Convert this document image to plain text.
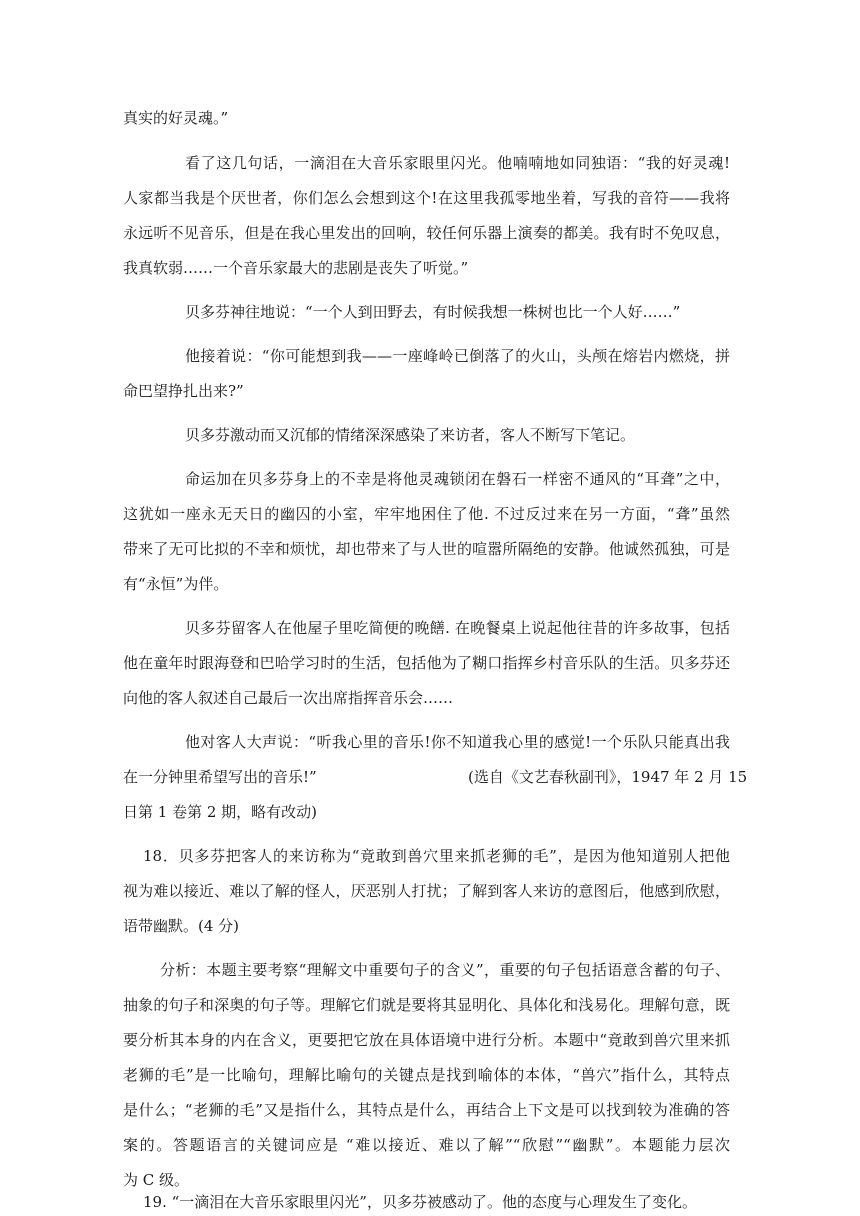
真实的好灵魂。”
看了这几句话，一滴泪在大音乐家眼里闪光。他喃喃地如同独语：“我的好灵魂!
人家都当我是个厌世者，你们怎么会想到这个!在这里我孤零地坐着，写我的音符——我将
永远听不见音乐，但是在我心里发出的回响，较任何乐器上演奏的都美。我有时不免叹息，
我真软弱……一个音乐家最大的悲剧是丧失了听觉。”
贝多芬神往地说：“一个人到田野去，有时候我想一株树也比一个人好……”
他接着说：“你可能想到我——一座峰岭已倒落了的火山，头颅在熔岩内燃烧，拼
命巴望挣扎出来?”
贝多芬激动而又沉郁的情绪深深感染了来访者，客人不断写下笔记。
命运加在贝多芬身上的不幸是将他灵魂锁闭在磐石一样密不通风的“耳聋”之中，
这犹如一座永无天日的幽囚的小室，牢牢地困住了他. 不过反过来在另一方面，“聋”虽然
带来了无可比拟的不幸和烦忧，却也带来了与人世的喧嚣所隔绝的安静。他诚然孤独，可是
有“永恒”为伴。
贝多芬留客人在他屋子里吃简便的晚饍. 在晚餐桌上说起他往昔的许多故事，包括
他在童年时跟海登和巴哈学习时的生活，包括他为了糊口指挥乡村音乐队的生活。贝多芬还
向他的客人叙述自己最后一次出席指挥音乐会……
他对客人大声说：“听我心里的音乐!你不知道我心里的感觉!一个乐队只能真出我
在一分钟里希望写出的音乐!”	(选自《文艺春秋副刊》，1947 年 2 月 15
日第 1 卷第 2 期，略有改动)
18．贝多芬把客人的来访称为“竟敢到兽穴里来抓老狮的毛”，是因为他知道别人把他
视为难以接近、难以了解的怪人，厌恶别人打扰；了解到客人来访的意图后，他感到欣慰，
语带幽默。(4 分)
分析：本题主要考察“理解文中重要句子的含义”，重要的句子包括语意含蓄的句子、
抽象的句子和深奥的句子等。理解它们就是要将其显明化、具体化和浅易化。理解句意，既
要分析其本身的内在含义，更要把它放在具体语境中进行分析。本题中“竟敢到兽穴里来抓
老狮的毛”是一比喻句，理解比喻句的关键点是找到喻体的本体，“兽穴”指什么，其特点
是什么；“老狮的毛”又是指什么，其特点是什么，再结合上下文是可以找到较为准确的答
案的。答题语言的关键词应是 “难以接近、难以了解”“欣慰”“幽默”。本题能力层次
为 C 级。
19. “一滴泪在大音乐家眼里闪光”，贝多芬被感动了。他的态度与心理发生了变化。
